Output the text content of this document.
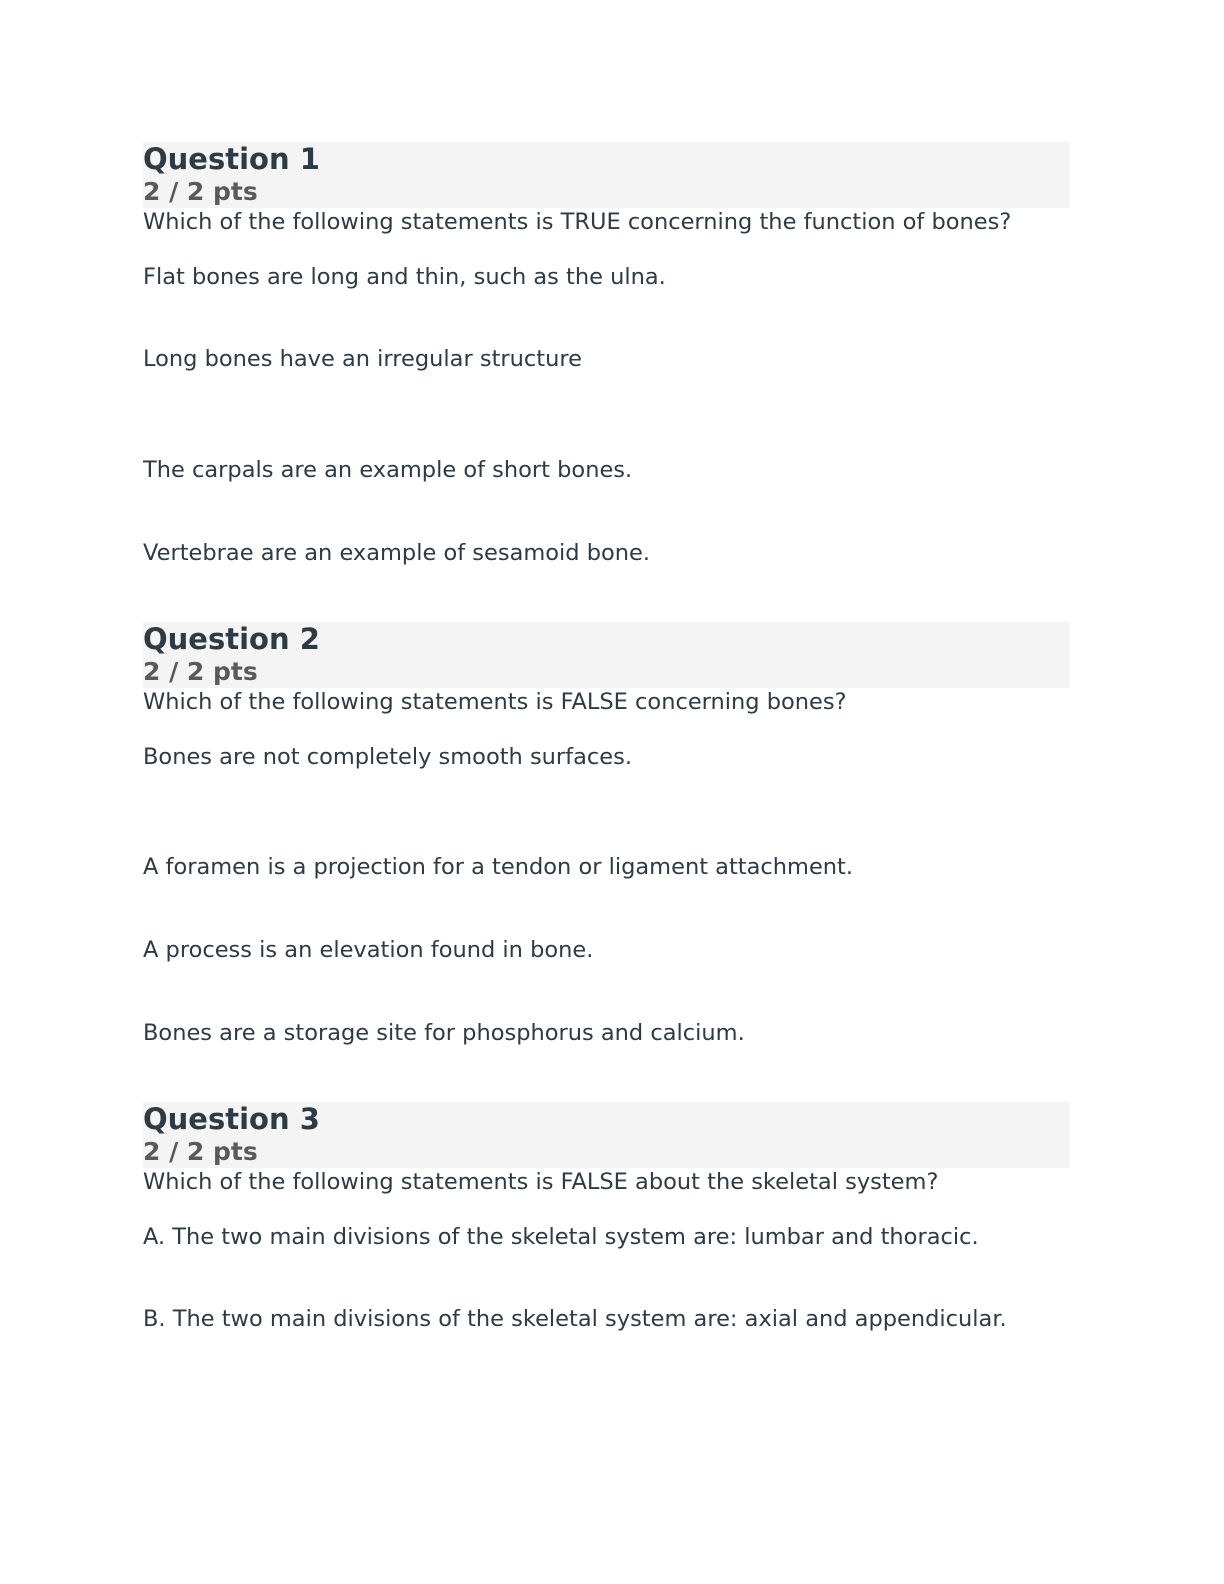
Question 1
2 / 2 pts
Which of the following statements is TRUE concerning the function of bones?
Flat bones are long and thin, such as the ulna.
Long bones have an irregular structure
The carpals are an example of short bones.
Vertebrae are an example of sesamoid bone.
Question 2
2 / 2 pts
Which of the following statements is FALSE concerning bones?
Bones are not completely smooth surfaces.
A foramen is a projection for a tendon or ligament attachment.
A process is an elevation found in bone.
Bones are a storage site for phosphorus and calcium.
Question 3
2 / 2 pts
Which of the following statements is FALSE about the skeletal system?
A. The two main divisions of the skeletal system are: lumbar and thoracic.
B. The two main divisions of the skeletal system are: axial and appendicular.
